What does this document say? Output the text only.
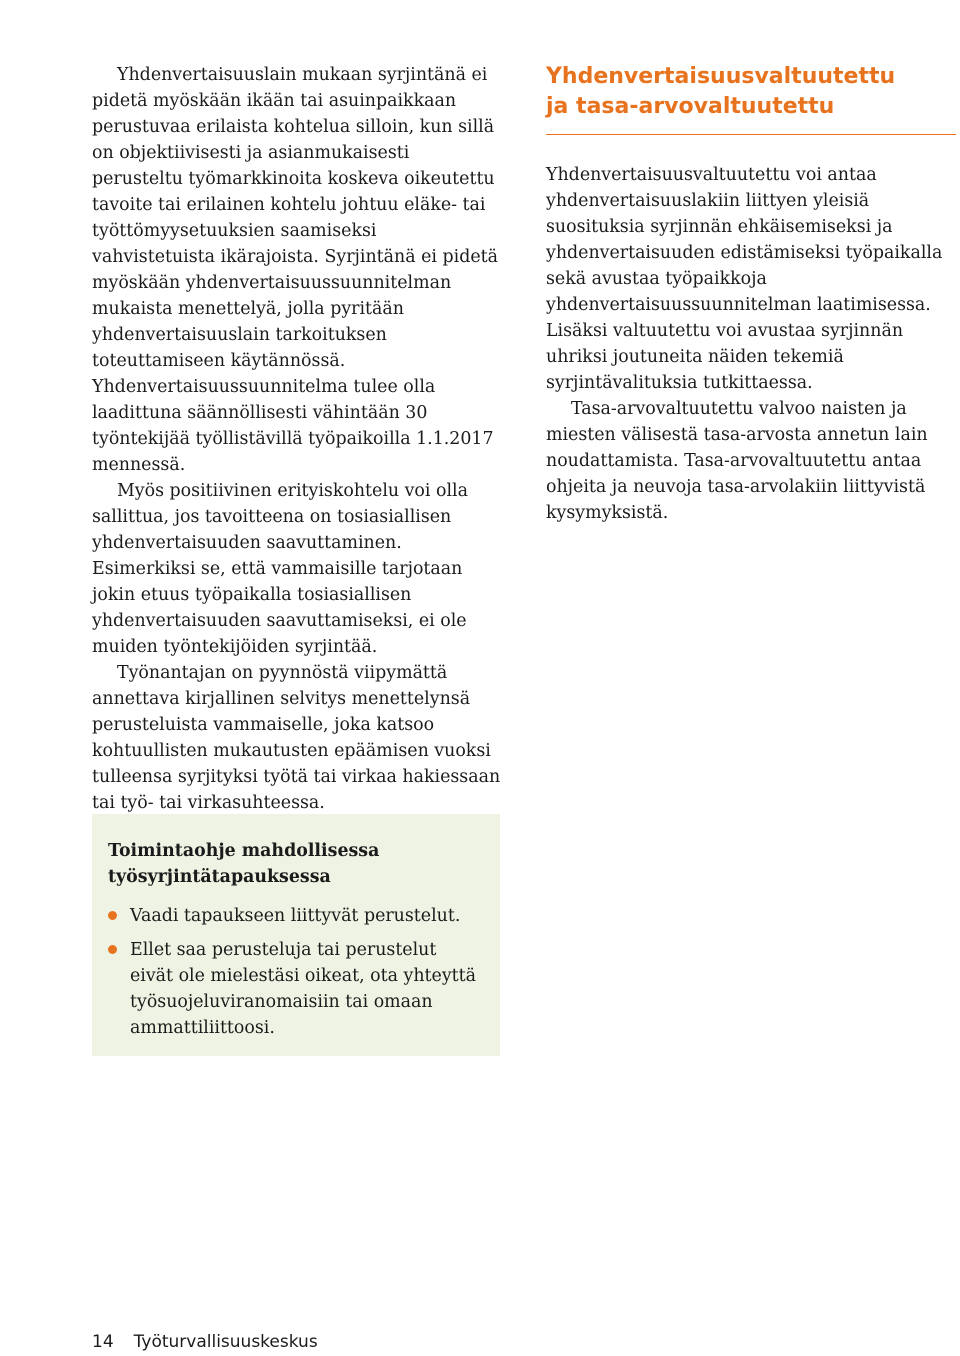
Yhdenvertaisuuslain mukaan syrjintänä ei pidetä myöskään ikään tai asuinpaikkaan perustuvaa erilaista kohtelua silloin, kun sillä on objektiivisesti ja asianmukaisesti perusteltu työmarkkinoita koskeva oikeutettu tavoite tai erilainen kohtelu johtuu eläke- tai työttömyysetuuksien saamiseksi vahvistetuista ikärajoista. Syrjintänä ei pidetä myöskään yhdenvertaisuussuunnitelman mukaista menettelyä, jolla pyritään yhdenvertaisuuslain tarkoituksen toteuttamiseen käytännössä. Yhdenvertaisuussuunnitelma tulee olla laadittuna säännöllisesti vähintään 30 työntekijää työllistävillä työpaikoilla 1.1.2017 mennessä.

Myös positiivinen erityiskohtelu voi olla sallittua, jos tavoitteena on tosiasiallisen yhdenvertaisuuden saavuttaminen. Esimerkiksi se, että vammaisille tarjotaan jokin etuus työpaikalla tosiasiallisen yhdenvertaisuuden saavuttamiseksi, ei ole muiden työntekijöiden syrjintää.

Työnantajan on pyynnöstä viipymättä annettava kirjallinen selvitys menettelynsä perusteluista vammaiselle, joka katsoo kohtuullisten mukautusten epäämisen vuoksi tulleensa syrjityksi työtä tai virkaa hakiessaan tai työ- tai virkasuhteessa.

Yhdenvertaisuusvaltuutettu
ja tasa-arvovaltuutettu

Yhdenvertaisuusvaltuutettu voi antaa yhdenvertaisuuslakiin liittyen yleisiä suosituksia syrjinnän ehkäisemiseksi ja yhdenvertaisuuden edistämiseksi työpaikalla sekä avustaa työpaikkoja yhdenvertaisuussuunnitelman laatimisessa. Lisäksi valtuutettu voi avustaa syrjinnän uhriksi joutuneita näiden tekemiä syrjintävalituksia tutkittaessa.

Tasa-arvovaltuutettu valvoo naisten ja miesten välisestä tasa-arvosta annetun lain noudattamista. Tasa-arvovaltuutettu antaa ohjeita ja neuvoja tasa-arvolakiin liittyvistä kysymyksistä.

Toimintaohje mahdollisessa
työsyrjintätapauksessa
Vaadi tapaukseen liittyvät perustelut.
Ellet saa perusteluja tai perustelut eivät ole mielestäsi oikeat, ota yhteyttä työsuojeluviranomaisiin tai omaan ammattiliittoosi.
14 Työturvallisuuskeskus
